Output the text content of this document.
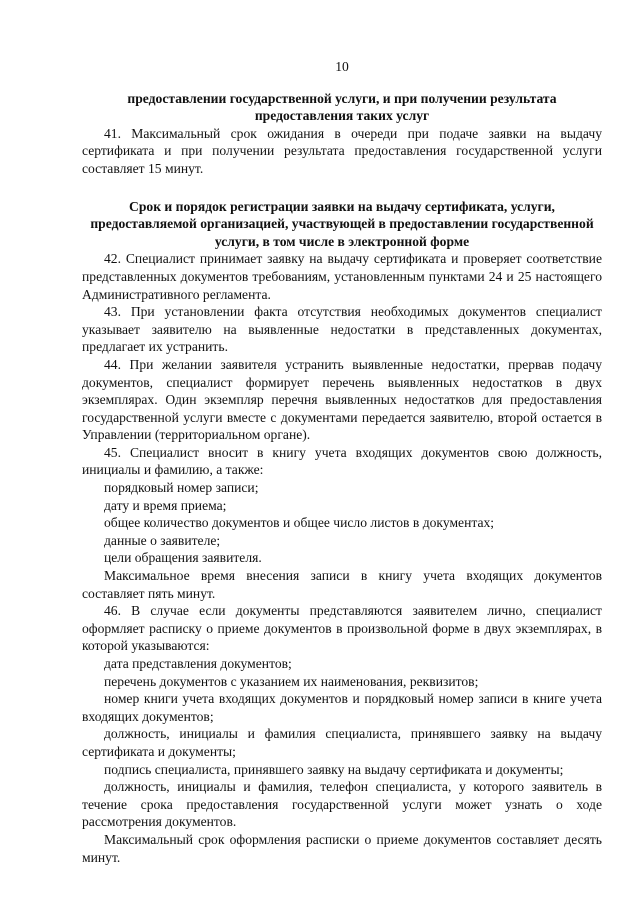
10

предоставлении государственной услуги, и при получении результата

предоставления таких услуг

41. Максимальный срок ожидания в очереди при подаче заявки на выдачу сертификата и при получении результата предоставления государственной услуги составляет 15 минут.

Срок и порядок регистрации заявки на выдачу сертификата, услуги,

предоставляемой организацией, участвующей в предоставлении государственной

услуги, в том числе в электронной форме

42. Специалист принимает заявку на выдачу сертификата и проверяет соответствие представленных документов требованиям, установленным пунктами 24 и 25 настоящего Административного регламента.

43. При установлении факта отсутствия необходимых документов специалист указывает заявителю на выявленные недостатки в представленных документах, предлагает их устранить.

44. При желании заявителя устранить выявленные недостатки, прервав подачу документов, специалист формирует перечень выявленных недостатков в двух экземплярах. Один экземпляр перечня выявленных недостатков для предоставления государственной услуги вместе с документами передается заявителю, второй остается в Управлении (территориальном органе).

45. Специалист вносит в книгу учета входящих документов свою должность, инициалы и фамилию, а также:

порядковый номер записи;

дату и время приема;

общее количество документов и общее число листов в документах;

данные о заявителе;

цели обращения заявителя.

Максимальное время внесения записи в книгу учета входящих документов составляет пять минут.

46. В случае если документы представляются заявителем лично, специалист оформляет расписку о приеме документов в произвольной форме в двух экземплярах, в которой указываются:

дата представления документов;

перечень документов с указанием их наименования, реквизитов;

номер книги учета входящих документов и порядковый номер записи в книге учета входящих документов;

должность, инициалы и фамилия специалиста, принявшего заявку на выдачу сертификата и документы;

подпись специалиста, принявшего заявку на выдачу сертификата и документы;

должность, инициалы и фамилия, телефон специалиста, у которого заявитель в течение срока предоставления государственной услуги может узнать о ходе рассмотрения документов.

Максимальный срок оформления расписки о приеме документов составляет десять минут.
